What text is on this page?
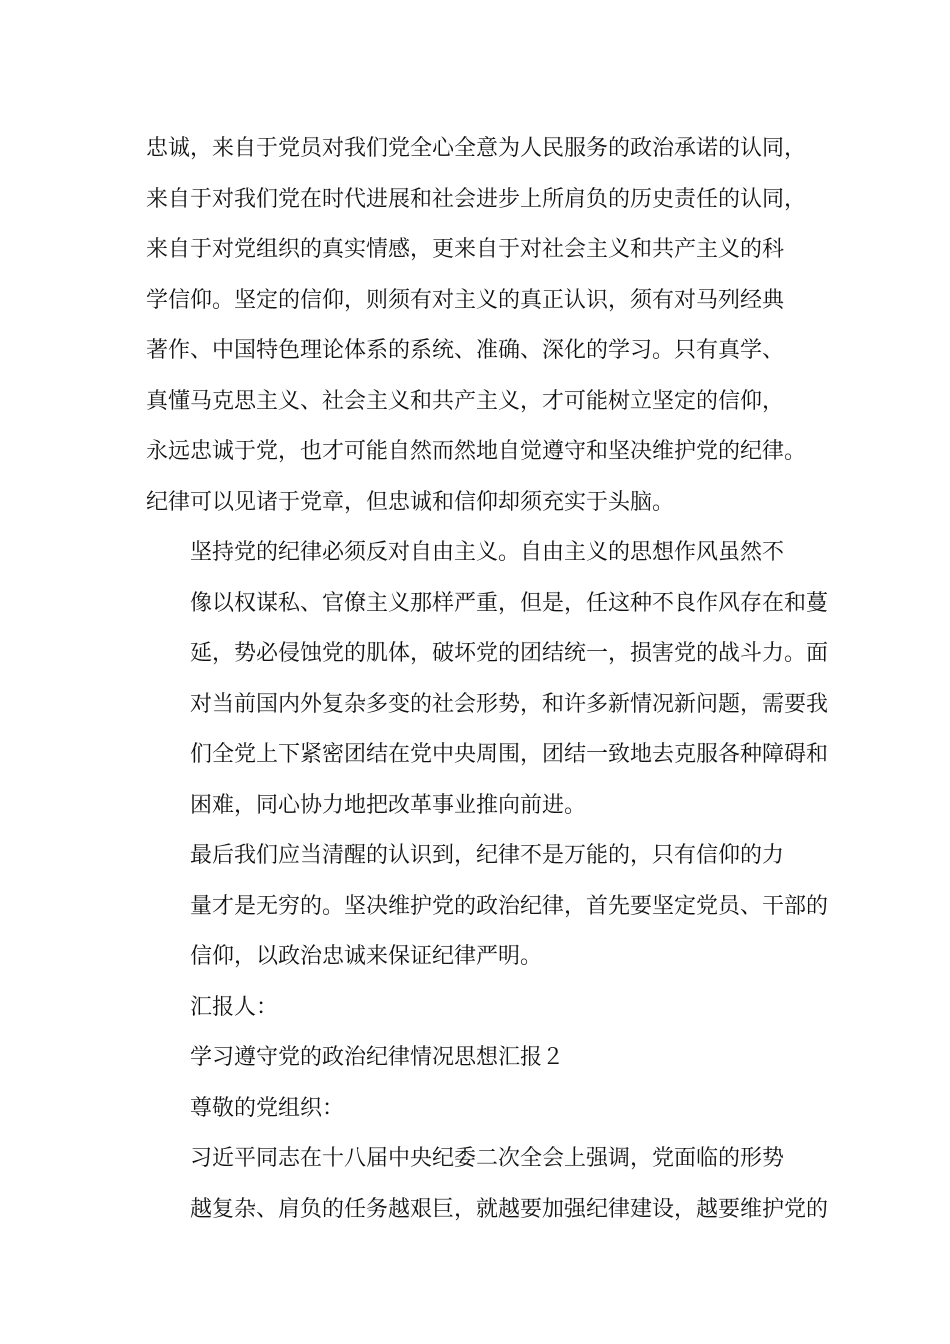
忠诚，来自于党员对我们党全心全意为人民服务的政治承诺的认同，
来自于对我们党在时代进展和社会进步上所肩负的历史责任的认同，
来自于对党组织的真实情感，更来自于对社会主义和共产主义的科
学信仰。坚定的信仰，则须有对主义的真正认识，须有对马列经典
著作、中国特色理论体系的系统、准确、深化的学习。只有真学、
真懂马克思主义、社会主义和共产主义，才可能树立坚定的信仰，
永远忠诚于党，也才可能自然而然地自觉遵守和坚决维护党的纪律。
纪律可以见诸于党章，但忠诚和信仰却须充实于头脑。

坚持党的纪律必须反对自由主义。自由主义的思想作风虽然不
像以权谋私、官僚主义那样严重，但是，任这种不良作风存在和蔓
延，势必侵蚀党的肌体，破坏党的团结统一，损害党的战斗力。面
对当前国内外复杂多变的社会形势，和许多新情况新问题，需要我
们全党上下紧密团结在党中央周围，团结一致地去克服各种障碍和
困难，同心协力地把改革事业推向前进。

最后我们应当清醒的认识到，纪律不是万能的，只有信仰的力
量才是无穷的。坚决维护党的政治纪律，首先要坚定党员、干部的
信仰，以政治忠诚来保证纪律严明。

汇报人：

学习遵守党的政治纪律情况思想汇报２

尊敬的党组织：

习近平同志在十八届中央纪委二次全会上强调，党面临的形势
越复杂、肩负的任务越艰巨，就越要加强纪律建设，越要维护党的
